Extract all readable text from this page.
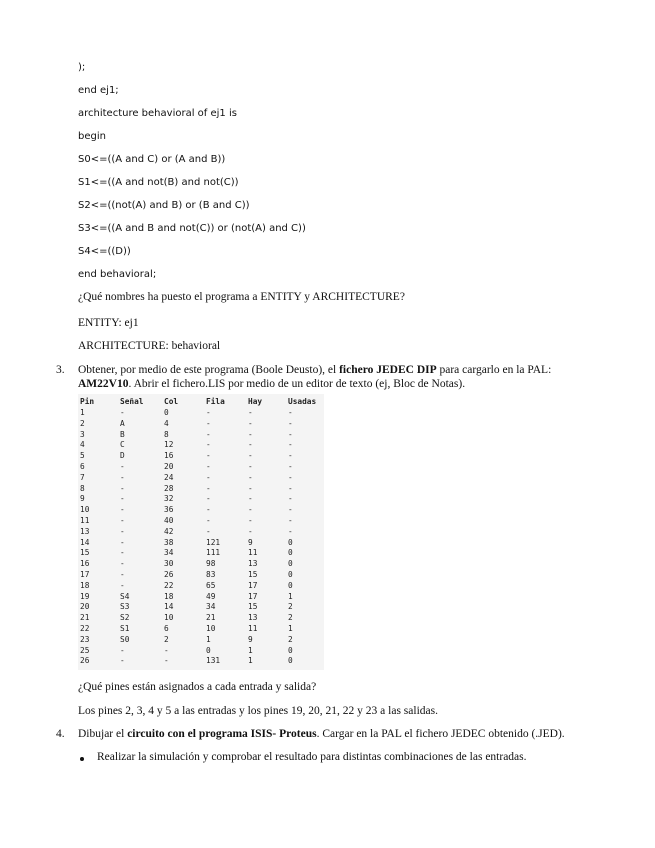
);

end ej1;

architecture behavioral of ej1 is

begin

S0<=((A and C) or (A and B))

S1<=((A and not(B) and not(C))

S2<=((not(A) and B) or (B and C))

S3<=((A and B and not(C)) or (not(A) and C))

S4<=((D))

end behavioral;

¿Qué nombres ha puesto el programa a ENTITY y ARCHITECTURE?

ENTITY: ej1

ARCHITECTURE: behavioral

3. Obtener, por medio de este programa (Boole Deusto), el fichero JEDEC DIP para cargarlo en la PAL:

AM22V10. Abrir el fichero.LIS por medio de un editor de texto (ej, Bloc de Notas).

Pin	Señal	Col	Fila	Hay	Usadas
1	-	0	-	-	-
2	A	4	-	-	-
3	B	8	-	-	-
4	C	12	-	-	-
5	D	16	-	-	-
6	-	20	-	-	-
7	-	24	-	-	-
8	-	28	-	-	-
9	-	32	-	-	-
10	-	36	-	-	-
11	-	40	-	-	-
13	-	42	-	-	-
14	-	38	121	9	0
15	-	34	111	11	0
16	-	30	98	13	0
17	-	26	83	15	0
18	-	22	65	17	0
19	S4	18	49	17	1
20	S3	14	34	15	2
21	S2	10	21	13	2
22	S1	6	10	11	1
23	S0	2	1	9	2
25	-	-	0	1	0
26	-	-	131	1	0

¿Qué pines están asignados a cada entrada y salida?

Los pines 2, 3, 4 y 5 a las entradas y los pines 19, 20, 21, 22 y 23 a las salidas.

4. Dibujar el circuito con el programa ISIS- Proteus. Cargar en la PAL el fichero JEDEC obtenido (.JED).

Realizar la simulación y comprobar el resultado para distintas combinaciones de las entradas.
